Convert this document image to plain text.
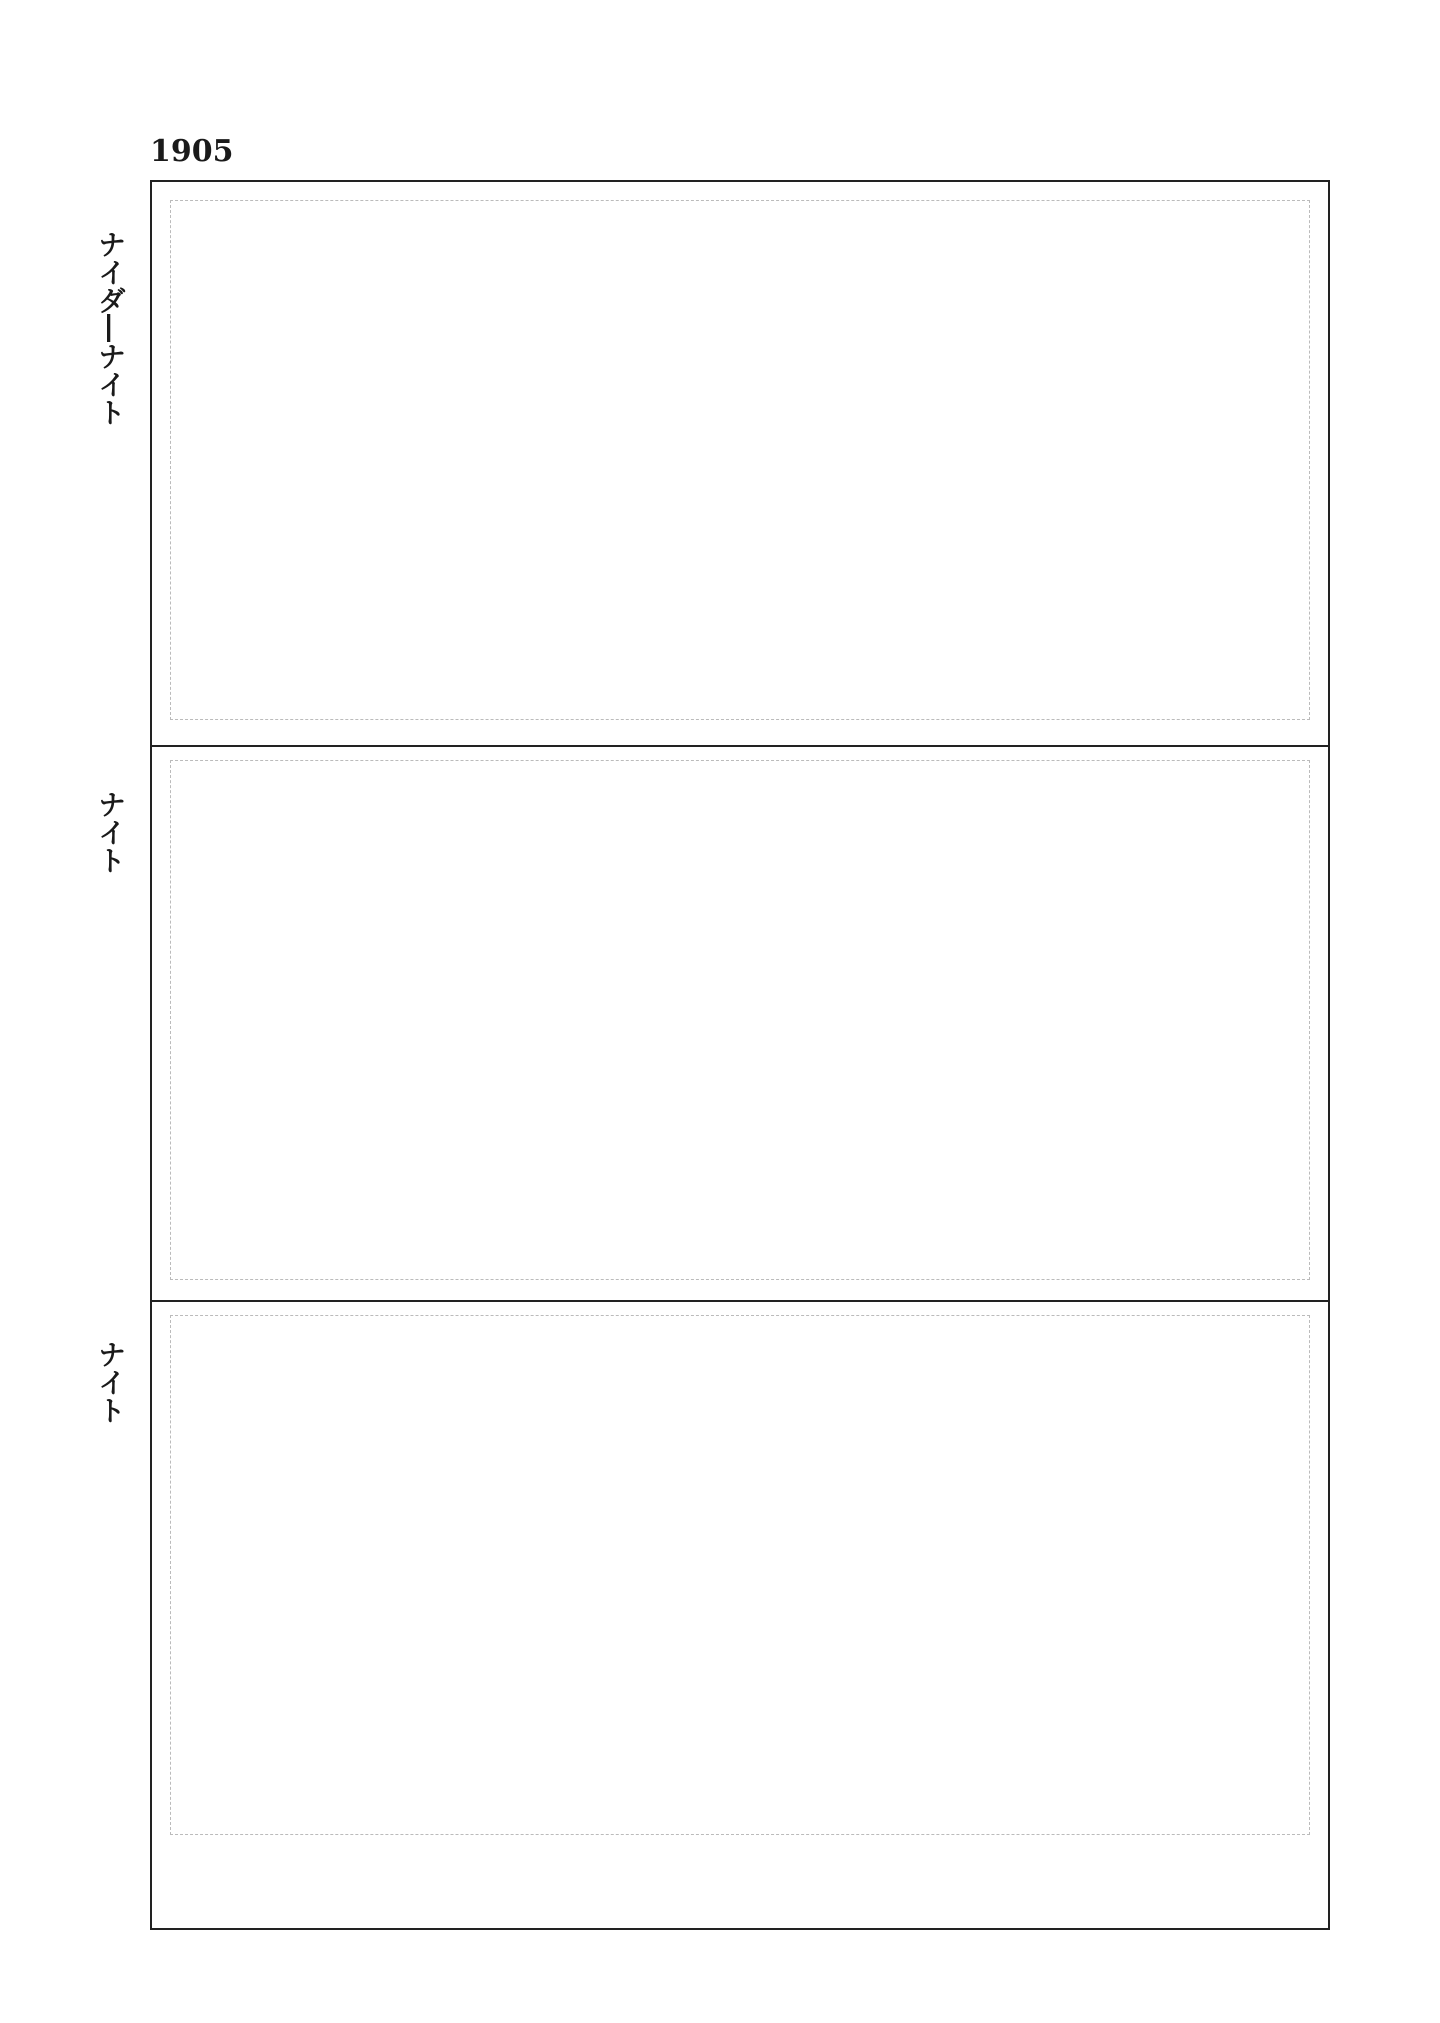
1905
ナイダ―ナイト
ナイト
ナイト
